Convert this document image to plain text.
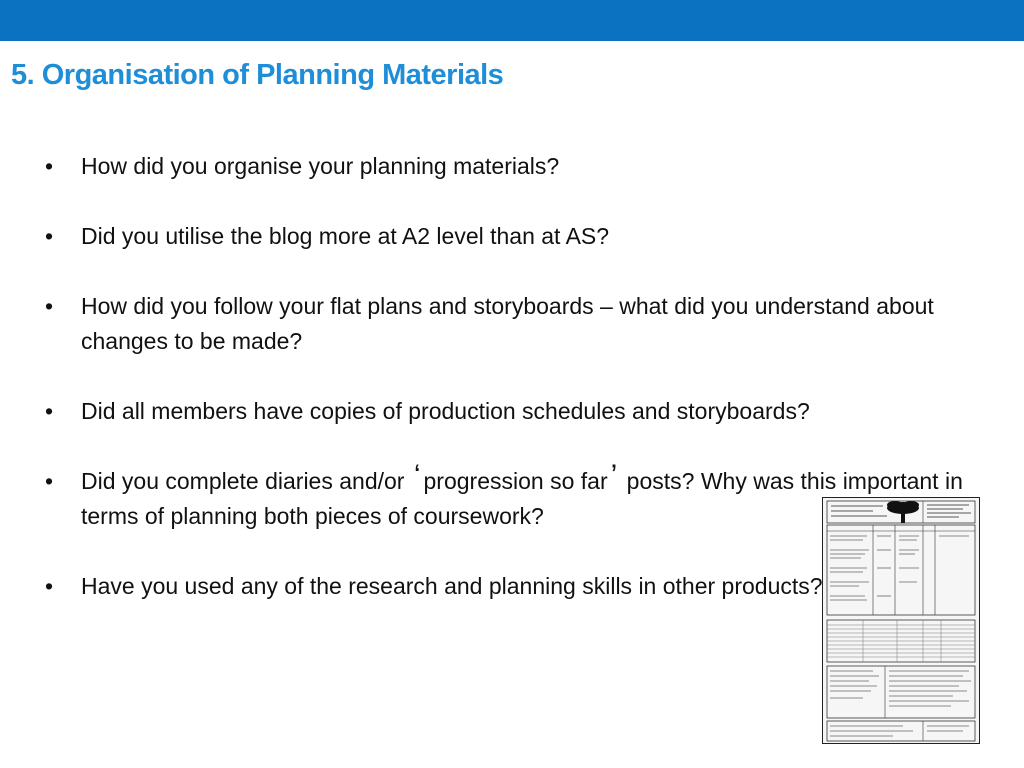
5. Organisation of Planning Materials
• How did you organise your planning materials?
• Did you utilise the blog more at A2 level than at AS?
• How did you follow your flat plans and storyboards – what did you understand about changes to be made?
• Did all members have copies of production schedules and storyboards?
• Did you complete diaries and/or ‘ progression so far ’ posts? Why was this important in terms of planning both pieces of coursework?
• Have you used any of the research and planning skills in other products?
